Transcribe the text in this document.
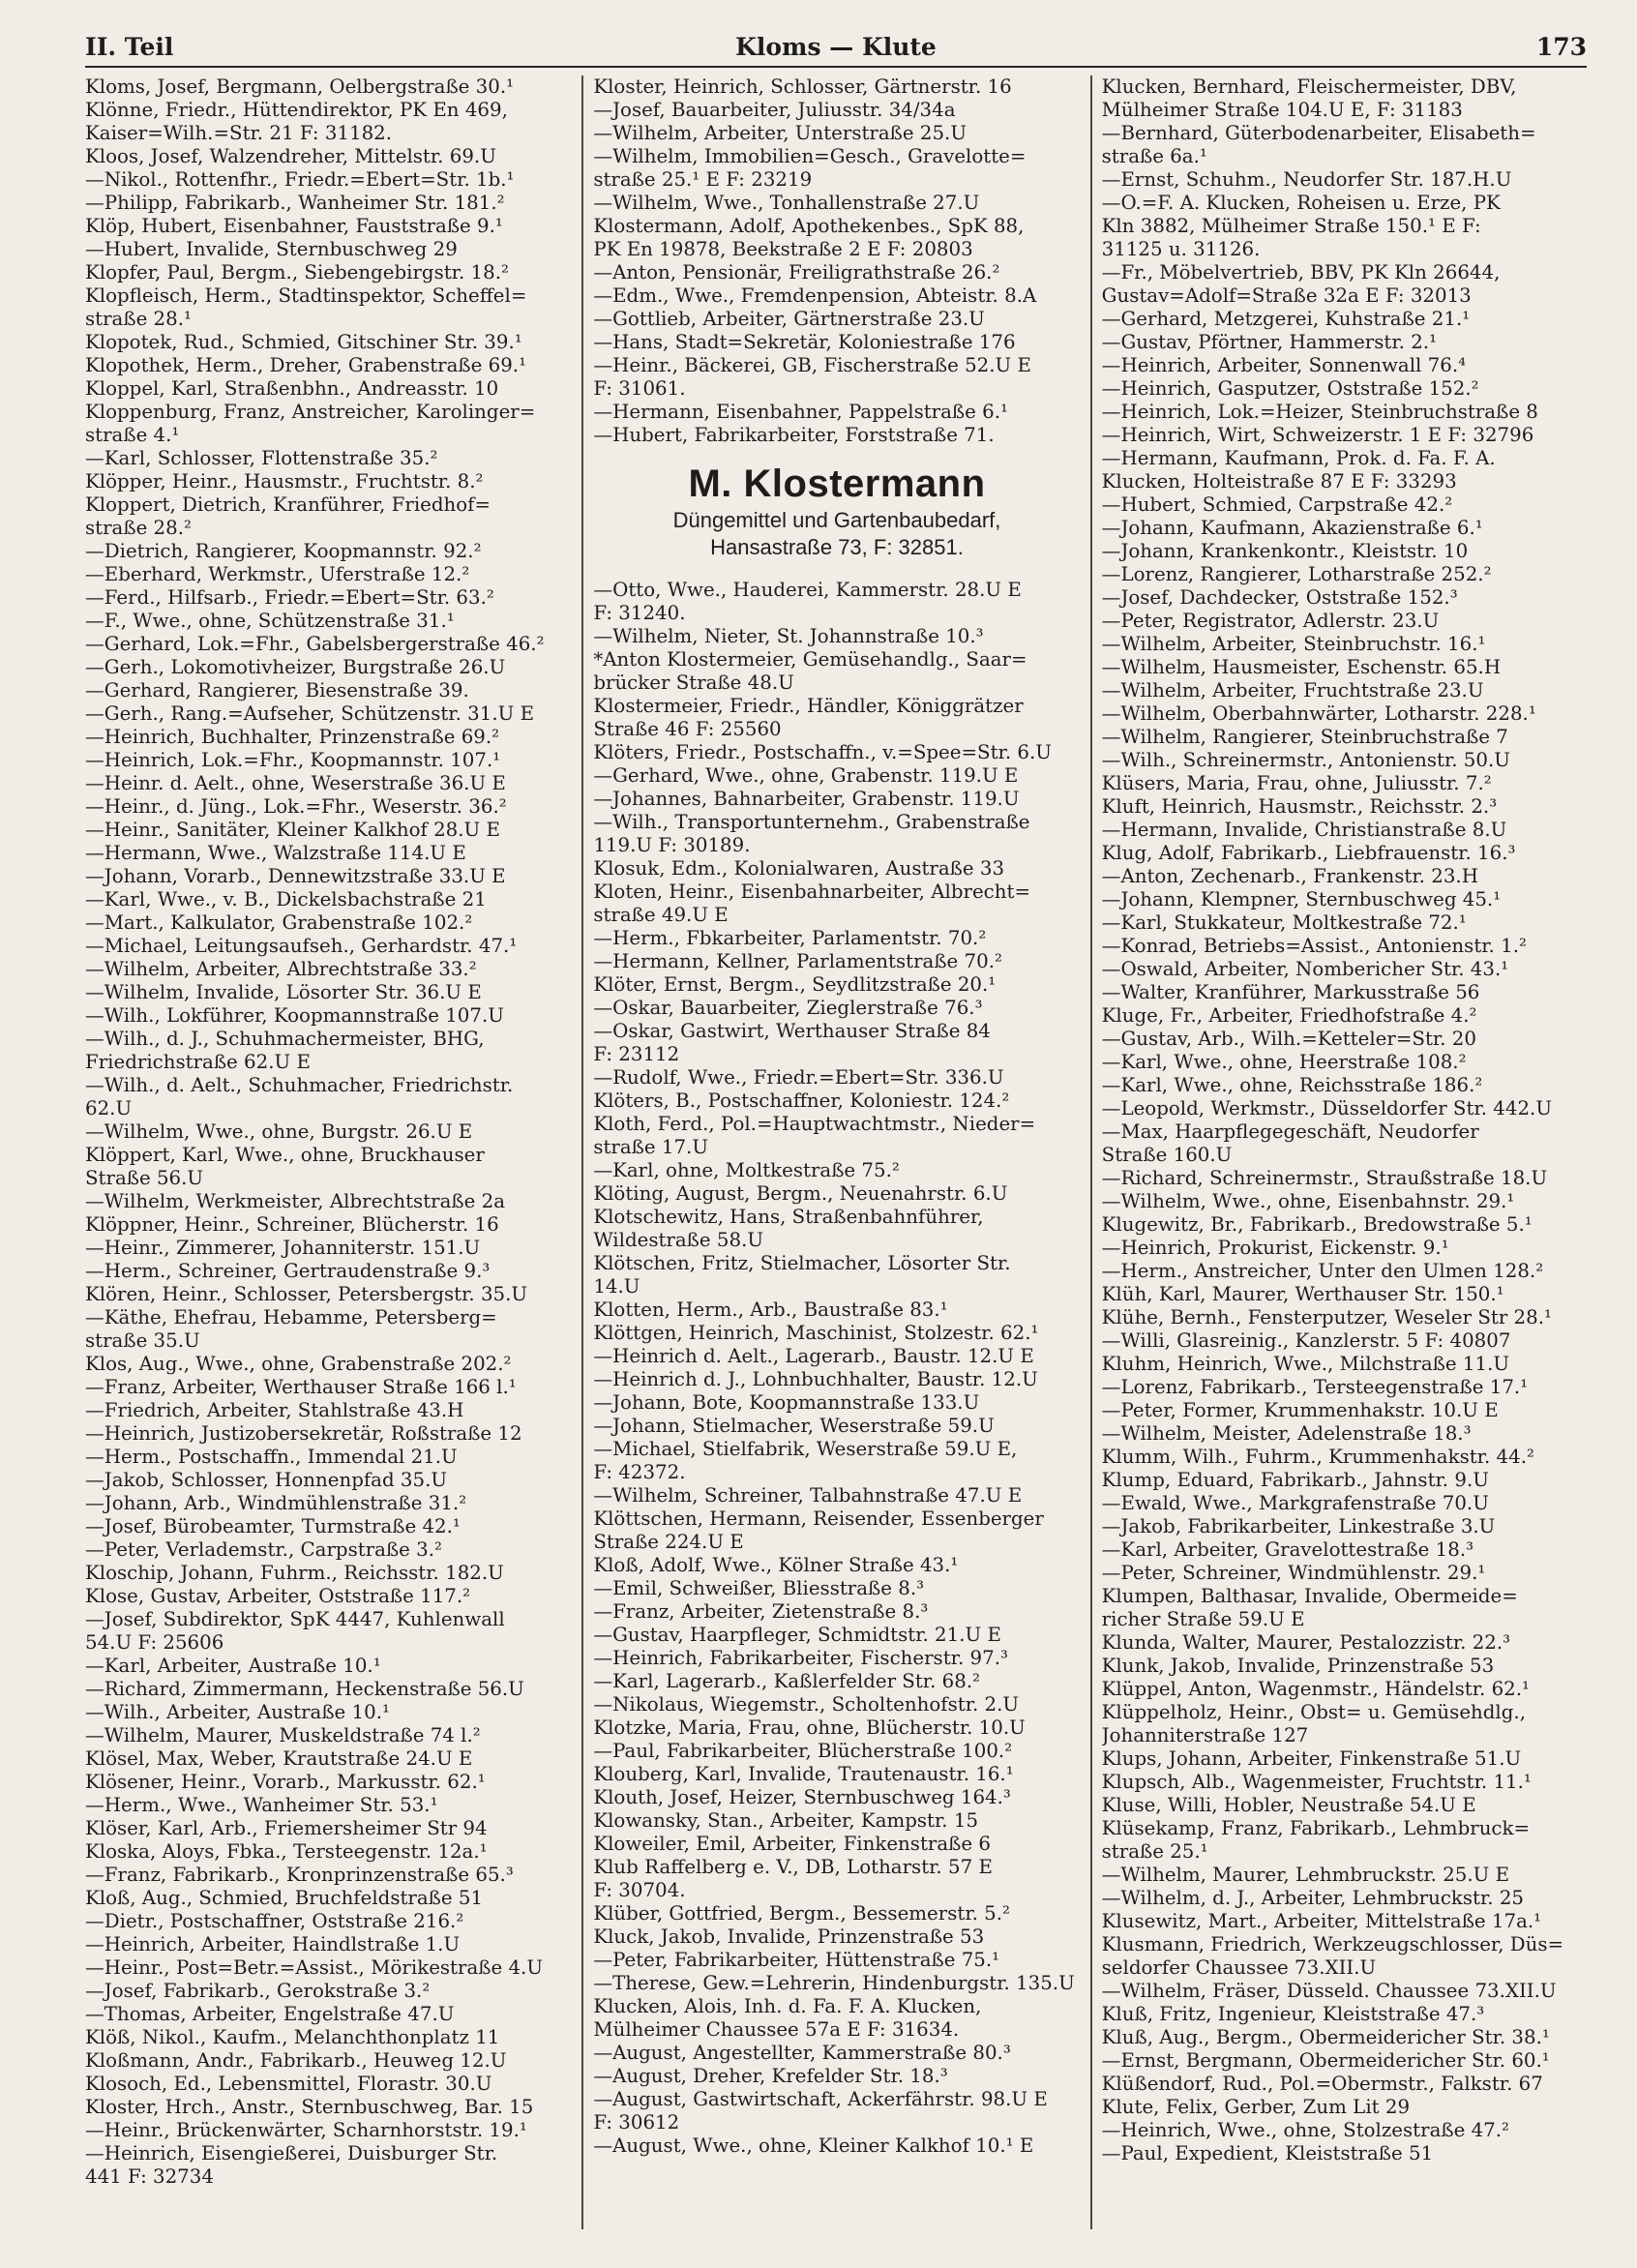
II. Teil	Kloms — Klute	173
Kloms, Josef, Bergmann, Oelbergstraße 30.¹
Klönne, Friedr., Hüttendirektor, PK En 469,
Kaiser=Wilh.=Str. 21 F: 31182.
Kloos, Josef, Walzendreher, Mittelstr. 69.U
—Nikol., Rottenfhr., Friedr.=Ebert=Str. 1b.¹
—Philipp, Fabrikarb., Wanheimer Str. 181.²
Klöp, Hubert, Eisenbahner, Fauststraße 9.¹
—Hubert, Invalide, Sternbuschweg 29
Klopfer, Paul, Bergm., Siebengebirgstr. 18.²
Klopfleisch, Herm., Stadtinspektor, Scheffel=
straße 28.¹
Klopotek, Rud., Schmied, Gitschiner Str. 39.¹
Klopothek, Herm., Dreher, Grabenstraße 69.¹
Kloppel, Karl, Straßenbhn., Andreasstr. 10
Kloppenburg, Franz, Anstreicher, Karolinger=
straße 4.¹
—Karl, Schlosser, Flottenstraße 35.²
Klöpper, Heinr., Hausmstr., Fruchtstr. 8.²
Kloppert, Dietrich, Kranführer, Friedhof=
straße 28.²
—Dietrich, Rangierer, Koopmannstr. 92.²
—Eberhard, Werkmstr., Uferstraße 12.²
—Ferd., Hilfsarb., Friedr.=Ebert=Str. 63.²
—F., Wwe., ohne, Schützenstraße 31.¹
—Gerhard, Lok.=Fhr., Gabelsbergerstraße 46.²
—Gerh., Lokomotivheizer, Burgstraße 26.U
—Gerhard, Rangierer, Biesenstraße 39.
—Gerh., Rang.=Aufseher, Schützenstr. 31.U E
—Heinrich, Buchhalter, Prinzenstraße 69.²
—Heinrich, Lok.=Fhr., Koopmannstr. 107.¹
—Heinr. d. Aelt., ohne, Weserstraße 36.U E
—Heinr., d. Jüng., Lok.=Fhr., Weserstr. 36.²
—Heinr., Sanitäter, Kleiner Kalkhof 28.U E
—Hermann, Wwe., Walzstraße 114.U E
—Johann, Vorarb., Dennewitzstraße 33.U E
—Karl, Wwe., v. B., Dickelsbachstraße 21
—Mart., Kalkulator, Grabenstraße 102.²
—Michael, Leitungsaufseh., Gerhardstr. 47.¹
—Wilhelm, Arbeiter, Albrechtstraße 33.²
—Wilhelm, Invalide, Lösorter Str. 36.U E
—Wilh., Lokführer, Koopmannstraße 107.U
—Wilh., d. J., Schuhmachermeister, BHG,
Friedrichstraße 62.U E
—Wilh., d. Aelt., Schuhmacher, Friedrichstr.
62.U
—Wilhelm, Wwe., ohne, Burgstr. 26.U E
Klöppert, Karl, Wwe., ohne, Bruckhauser
Straße 56.U
—Wilhelm, Werkmeister, Albrechtstraße 2a
Klöppner, Heinr., Schreiner, Blücherstr. 16
—Heinr., Zimmerer, Johanniterstr. 151.U
—Herm., Schreiner, Gertraudenstraße 9.³
Klören, Heinr., Schlosser, Petersbergstr. 35.U
—Käthe, Ehefrau, Hebamme, Petersberg=
straße 35.U
Klos, Aug., Wwe., ohne, Grabenstraße 202.²
—Franz, Arbeiter, Werthauser Straße 166 l.¹
—Friedrich, Arbeiter, Stahlstraße 43.H
—Heinrich, Justizobersekretär, Roßstraße 12
—Herm., Postschaffn., Immendal 21.U
—Jakob, Schlosser, Honnenpfad 35.U
—Johann, Arb., Windmühlenstraße 31.²
—Josef, Bürobeamter, Turmstraße 42.¹
—Peter, Verlademstr., Carpstraße 3.²
Kloschip, Johann, Fuhrm., Reichsstr. 182.U
Klose, Gustav, Arbeiter, Oststraße 117.²
—Josef, Subdirektor, SpK 4447, Kuhlenwall
54.U F: 25606
—Karl, Arbeiter, Austraße 10.¹
—Richard, Zimmermann, Heckenstraße 56.U
—Wilh., Arbeiter, Austraße 10.¹
—Wilhelm, Maurer, Muskeldstraße 74 l.²
Klösel, Max, Weber, Krautstraße 24.U E
Klösener, Heinr., Vorarb., Markusstr. 62.¹
—Herm., Wwe., Wanheimer Str. 53.¹
Klöser, Karl, Arb., Friemersheimer Str 94
Kloska, Aloys, Fbka., Tersteegenstr. 12a.¹
—Franz, Fabrikarb., Kronprinzenstraße 65.³
Kloß, Aug., Schmied, Bruchfeldstraße 51
—Dietr., Postschaffner, Oststraße 216.²
—Heinrich, Arbeiter, Haindlstraße 1.U
—Heinr., Post=Betr.=Assist., Mörikestraße 4.U
—Josef, Fabrikarb., Gerokstraße 3.²
—Thomas, Arbeiter, Engelstraße 47.U
Klöß, Nikol., Kaufm., Melanchthonplatz 11
Kloßmann, Andr., Fabrikarb., Heuweg 12.U
Klosoch, Ed., Lebensmittel, Florastr. 30.U
Kloster, Hrch., Anstr., Sternbuschweg, Bar. 15
—Heinr., Brückenwärter, Scharnhorststr. 19.¹
—Heinrich, Eisengießerei, Duisburger Str.
441 F: 32734
Kloster, Heinrich, Schlosser, Gärtnerstr. 16
—Josef, Bauarbeiter, Juliusstr. 34/34a
—Wilhelm, Arbeiter, Unterstraße 25.U
—Wilhelm, Immobilien=Gesch., Gravelotte=
straße 25.¹ E F: 23219
—Wilhelm, Wwe., Tonhallenstraße 27.U
Klostermann, Adolf, Apothekenbes., SpK 88,
PK En 19878, Beekstraße 2 E F: 20803
—Anton, Pensionär, Freiligrathstraße 26.²
—Edm., Wwe., Fremdenpension, Abteistr. 8.A
—Gottlieb, Arbeiter, Gärtnerstraße 23.U
—Hans, Stadt=Sekretär, Koloniestraße 176
—Heinr., Bäckerei, GB, Fischerstraße 52.U E
F: 31061.
—Hermann, Eisenbahner, Pappelstraße 6.¹
—Hubert, Fabrikarbeiter, Forststraße 71.
M. Klostermann
Düngemittel und Gartenbaubedarf,
Hansastraße 73, F: 32851.
—Otto, Wwe., Hauderei, Kammerstr. 28.U E
F: 31240.
—Wilhelm, Nieter, St. Johannstraße 10.³
*Anton Klostermeier, Gemüsehandlg., Saar=
brücker Straße 48.U
Klostermeier, Friedr., Händler, Königgrätzer
Straße 46 F: 25560
Klöters, Friedr., Postschaffn., v.=Spee=Str. 6.U
—Gerhard, Wwe., ohne, Grabenstr. 119.U E
—Johannes, Bahnarbeiter, Grabenstr. 119.U
—Wilh., Transportunternehm., Grabenstraße
119.U F: 30189.
Klosuk, Edm., Kolonialwaren, Austraße 33
Kloten, Heinr., Eisenbahnarbeiter, Albrecht=
straße 49.U E
—Herm., Fbkarbeiter, Parlamentstr. 70.²
—Hermann, Kellner, Parlamentstraße 70.²
Klöter, Ernst, Bergm., Seydlitzstraße 20.¹
—Oskar, Bauarbeiter, Zieglerstraße 76.³
—Oskar, Gastwirt, Werthauser Straße 84
F: 23112
—Rudolf, Wwe., Friedr.=Ebert=Str. 336.U
Klöters, B., Postschaffner, Koloniestr. 124.²
Kloth, Ferd., Pol.=Hauptwachtmstr., Nieder=
straße 17.U
—Karl, ohne, Moltkestraße 75.²
Klöting, August, Bergm., Neuenahrstr. 6.U
Klotschewitz, Hans, Straßenbahnführer,
Wildestraße 58.U
Klötschen, Fritz, Stielmacher, Lösorter Str.
14.U
Klotten, Herm., Arb., Baustraße 83.¹
Klöttgen, Heinrich, Maschinist, Stolzestr. 62.¹
—Heinrich d. Aelt., Lagerarb., Baustr. 12.U E
—Heinrich d. J., Lohnbuchhalter, Baustr. 12.U
—Johann, Bote, Koopmannstraße 133.U
—Johann, Stielmacher, Weserstraße 59.U
—Michael, Stielfabrik, Weserstraße 59.U E,
F: 42372.
—Wilhelm, Schreiner, Talbahnstraße 47.U E
Klöttschen, Hermann, Reisender, Essenberger
Straße 224.U E
Kloß, Adolf, Wwe., Kölner Straße 43.¹
—Emil, Schweißer, Bliesstraße 8.³
—Franz, Arbeiter, Zietenstraße 8.³
—Gustav, Haarpfleger, Schmidtstr. 21.U E
—Heinrich, Fabrikarbeiter, Fischerstr. 97.³
—Karl, Lagerarb., Kaßlerfelder Str. 68.²
—Nikolaus, Wiegemstr., Scholtenhofstr. 2.U
Klotzke, Maria, Frau, ohne, Blücherstr. 10.U
—Paul, Fabrikarbeiter, Blücherstraße 100.²
Klouberg, Karl, Invalide, Trautenaustr. 16.¹
Klouth, Josef, Heizer, Sternbuschweg 164.³
Klowansky, Stan., Arbeiter, Kampstr. 15
Kloweiler, Emil, Arbeiter, Finkenstraße 6
Klub Raffelberg e. V., DB, Lotharstr. 57 E
F: 30704.
Klüber, Gottfried, Bergm., Bessemerstr. 5.²
Kluck, Jakob, Invalide, Prinzenstraße 53
—Peter, Fabrikarbeiter, Hüttenstraße 75.¹
—Therese, Gew.=Lehrerin, Hindenburgstr. 135.U
Klucken, Alois, Inh. d. Fa. F. A. Klucken,
Mülheimer Chaussee 57a E F: 31634.
—August, Angestellter, Kammerstraße 80.³
—August, Dreher, Krefelder Str. 18.³
—August, Gastwirtschaft, Ackerfährstr. 98.U E
F: 30612
—August, Wwe., ohne, Kleiner Kalkhof 10.¹ E
Klucken, Bernhard, Fleischermeister, DBV,
Mülheimer Straße 104.U E, F: 31183
—Bernhard, Güterbodenarbeiter, Elisabeth=
straße 6a.¹
—Ernst, Schuhm., Neudorfer Str. 187.H.U
—O.=F. A. Klucken, Roheisen u. Erze, PK
Kln 3882, Mülheimer Straße 150.¹ E F:
31125 u. 31126.
—Fr., Möbelvertrieb, BBV, PK Kln 26644,
Gustav=Adolf=Straße 32a E F: 32013
—Gerhard, Metzgerei, Kuhstraße 21.¹
—Gustav, Pförtner, Hammerstr. 2.¹
—Heinrich, Arbeiter, Sonnenwall 76.⁴
—Heinrich, Gasputzer, Oststraße 152.²
—Heinrich, Lok.=Heizer, Steinbruchstraße 8
—Heinrich, Wirt, Schweizerstr. 1 E F: 32796
—Hermann, Kaufmann, Prok. d. Fa. F. A.
Klucken, Holteistraße 87 E F: 33293
—Hubert, Schmied, Carpstraße 42.²
—Johann, Kaufmann, Akazienstraße 6.¹
—Johann, Krankenkontr., Kleiststr. 10
—Lorenz, Rangierer, Lotharstraße 252.²
—Josef, Dachdecker, Oststraße 152.³
—Peter, Registrator, Adlerstr. 23.U
—Wilhelm, Arbeiter, Steinbruchstr. 16.¹
—Wilhelm, Hausmeister, Eschenstr. 65.H
—Wilhelm, Arbeiter, Fruchtstraße 23.U
—Wilhelm, Oberbahnwärter, Lotharstr. 228.¹
—Wilhelm, Rangierer, Steinbruchstraße 7
—Wilh., Schreinermstr., Antonienstr. 50.U
Klüsers, Maria, Frau, ohne, Juliusstr. 7.²
Kluft, Heinrich, Hausmstr., Reichsstr. 2.³
—Hermann, Invalide, Christianstraße 8.U
Klug, Adolf, Fabrikarb., Liebfrauenstr. 16.³
—Anton, Zechenarb., Frankenstr. 23.H
—Johann, Klempner, Sternbuschweg 45.¹
—Karl, Stukkateur, Moltkestraße 72.¹
—Konrad, Betriebs=Assist., Antonienstr. 1.²
—Oswald, Arbeiter, Nombericher Str. 43.¹
—Walter, Kranführer, Markusstraße 56
Kluge, Fr., Arbeiter, Friedhofstraße 4.²
—Gustav, Arb., Wilh.=Ketteler=Str. 20
—Karl, Wwe., ohne, Heerstraße 108.²
—Karl, Wwe., ohne, Reichsstraße 186.²
—Leopold, Werkmstr., Düsseldorfer Str. 442.U
—Max, Haarpflegegeschäft, Neudorfer
Straße 160.U
—Richard, Schreinermstr., Straußstraße 18.U
—Wilhelm, Wwe., ohne, Eisenbahnstr. 29.¹
Klugewitz, Br., Fabrikarb., Bredowstraße 5.¹
—Heinrich, Prokurist, Eickenstr. 9.¹
—Herm., Anstreicher, Unter den Ulmen 128.²
Klüh, Karl, Maurer, Werthauser Str. 150.¹
Klühe, Bernh., Fensterputzer, Weseler Str 28.¹
—Willi, Glasreinig., Kanzlerstr. 5 F: 40807
Kluhm, Heinrich, Wwe., Milchstraße 11.U
—Lorenz, Fabrikarb., Tersteegenstraße 17.¹
—Peter, Former, Krummenhakstr. 10.U E
—Wilhelm, Meister, Adelenstraße 18.³
Klumm, Wilh., Fuhrm., Krummenhakstr. 44.²
Klump, Eduard, Fabrikarb., Jahnstr. 9.U
—Ewald, Wwe., Markgrafenstraße 70.U
—Jakob, Fabrikarbeiter, Linkestraße 3.U
—Karl, Arbeiter, Gravelottestraße 18.³
—Peter, Schreiner, Windmühlenstr. 29.¹
Klumpen, Balthasar, Invalide, Obermeide=
richer Straße 59.U E
Klunda, Walter, Maurer, Pestalozzistr. 22.³
Klunk, Jakob, Invalide, Prinzenstraße 53
Klüppel, Anton, Wagenmstr., Händelstr. 62.¹
Klüppelholz, Heinr., Obst= u. Gemüsehdlg.,
Johanniterstraße 127
Klups, Johann, Arbeiter, Finkenstraße 51.U
Klupsch, Alb., Wagenmeister, Fruchtstr. 11.¹
Kluse, Willi, Hobler, Neustraße 54.U E
Klüsekamp, Franz, Fabrikarb., Lehmbruck=
straße 25.¹
—Wilhelm, Maurer, Lehmbruckstr. 25.U E
—Wilhelm, d. J., Arbeiter, Lehmbruckstr. 25
Klusewitz, Mart., Arbeiter, Mittelstraße 17a.¹
Klusmann, Friedrich, Werkzeugschlosser, Düs=
seldorfer Chaussee 73.XII.U
—Wilhelm, Fräser, Düsseld. Chaussee 73.XII.U
Kluß, Fritz, Ingenieur, Kleiststraße 47.³
Kluß, Aug., Bergm., Obermeidericher Str. 38.¹
—Ernst, Bergmann, Obermeidericher Str. 60.¹
Klüßendorf, Rud., Pol.=Obermstr., Falkstr. 67
Klute, Felix, Gerber, Zum Lit 29
—Heinrich, Wwe., ohne, Stolzestraße 47.²
—Paul, Expedient, Kleiststraße 51
